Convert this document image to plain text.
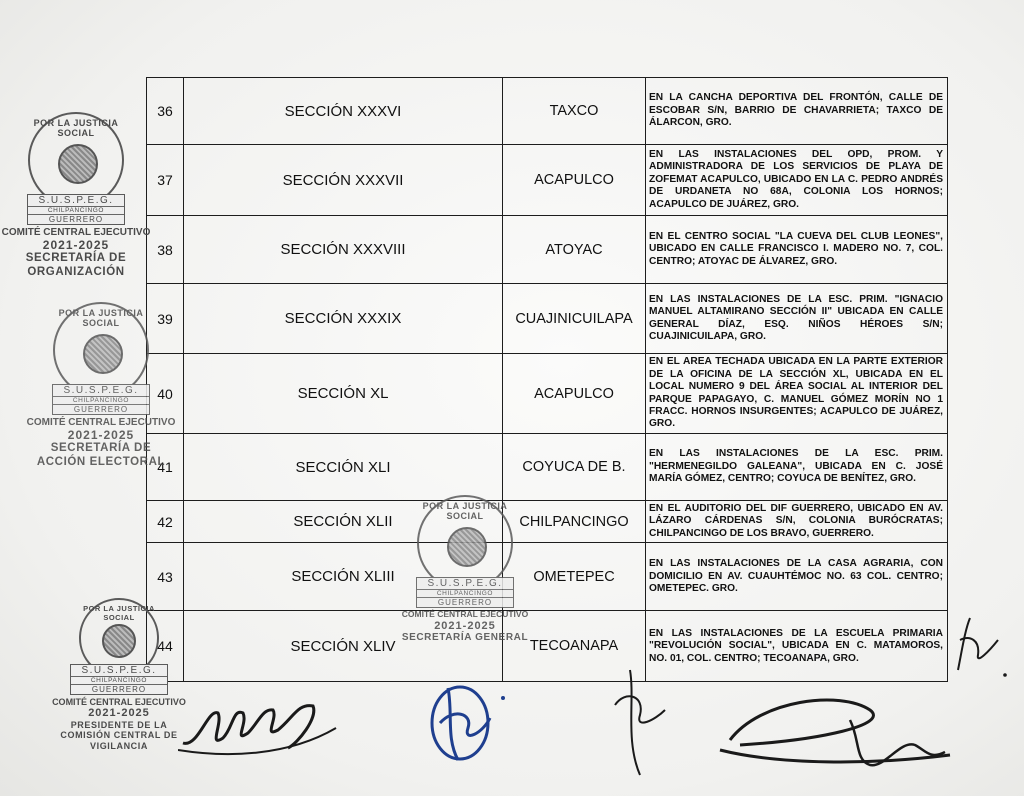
36	SECCIÓN XXXVI	TAXCO	EN LA CANCHA DEPORTIVA DEL FRONTÓN, CALLE DE ESCOBAR S/N, BARRIO DE CHAVARRIETA; TAXCO DE ÁLARCON, GRO.
37	SECCIÓN XXXVII	ACAPULCO	EN LAS INSTALACIONES DEL OPD, PROM. Y ADMINISTRADORA DE LOS SERVICIOS DE PLAYA DE ZOFEMAT ACAPULCO, UBICADO EN LA C. PEDRO ANDRÉS DE URDANETA NO 68A, COLONIA LOS HORNOS; ACAPULCO DE JUÁREZ, GRO.
38	SECCIÓN XXXVIII	ATOYAC	EN EL CENTRO SOCIAL "LA CUEVA DEL CLUB LEONES", UBICADO EN CALLE FRANCISCO I. MADERO NO. 7, COL. CENTRO; ATOYAC DE ÁLVAREZ, GRO.
39	SECCIÓN XXXIX	CUAJINICUILAPA	EN LAS INSTALACIONES DE LA ESC. PRIM. "IGNACIO MANUEL ALTAMIRANO SECCIÓN II" UBICADA EN CALLE GENERAL DÍAZ, ESQ. NIÑOS HÉROES S/N; CUAJINICUILAPA, GRO.
40	SECCIÓN XL	ACAPULCO	EN EL AREA TECHADA UBICADA EN LA PARTE EXTERIOR DE LA OFICINA DE LA SECCIÓN XL, UBICADA EN EL LOCAL NUMERO 9 DEL ÁREA SOCIAL AL INTERIOR DEL PARQUE PAPAGAYO, C. MANUEL GÓMEZ MORÍN NO 1 FRACC. HORNOS INSURGENTES; ACAPULCO DE JUÁREZ, GRO.
41	SECCIÓN XLI	COYUCA DE B.	EN LAS INSTALACIONES DE LA ESC. PRIM. "HERMENEGILDO GALEANA", UBICADA EN C. JOSÉ MARÍA GÓMEZ, CENTRO; COYUCA DE BENÍTEZ, GRO.
42	SECCIÓN XLII	CHILPANCINGO	EN EL AUDITORIO DEL DIF GUERRERO, UBICADO EN AV. LÁZARO CÁRDENAS S/N, COLONIA BURÓCRATAS; CHILPANCINGO DE LOS BRAVO, GUERRERO.
43	SECCIÓN XLIII	OMETEPEC	EN LAS INSTALACIONES DE LA CASA AGRARIA, CON DOMICILIO EN AV. CUAUHTÉMOC NO. 63 COL. CENTRO; OMETEPEC. GRO.
44	SECCIÓN XLIV	TECOANAPA	EN LAS INSTALACIONES DE LA ESCUELA PRIMARIA "REVOLUCIÓN SOCIAL", UBICADA EN C. MATAMOROS, NO. 01, COL. CENTRO; TECOANAPA, GRO.
POR LA JUSTICIA SOCIAL
S.U.S.P.E.G.
CHILPANCINGO
GUERRERO
COMITÉ CENTRAL EJECUTIVO
2021-2025
SECRETARÍA DE ORGANIZACIÓN
POR LA JUSTICIA SOCIAL
S.U.S.P.E.G.
CHILPANCINGO
GUERRERO
COMITÉ CENTRAL EJECUTIVO
2021-2025
SECRETARÍA DE ACCIÓN ELECTORAL
POR LA JUSTICIA SOCIAL
S.U.S.P.E.G.
CHILPANCINGO
GUERRERO
COMITÉ CENTRAL EJECUTIVO
2021-2025
SECRETARÍA GENERAL
POR LA JUSTICIA SOCIAL
S.U.S.P.E.G.
CHILPANCINGO
GUERRERO
COMITÉ CENTRAL EJECUTIVO
2021-2025
PRESIDENTE DE LA COMISIÓN CENTRAL DE VIGILANCIA
